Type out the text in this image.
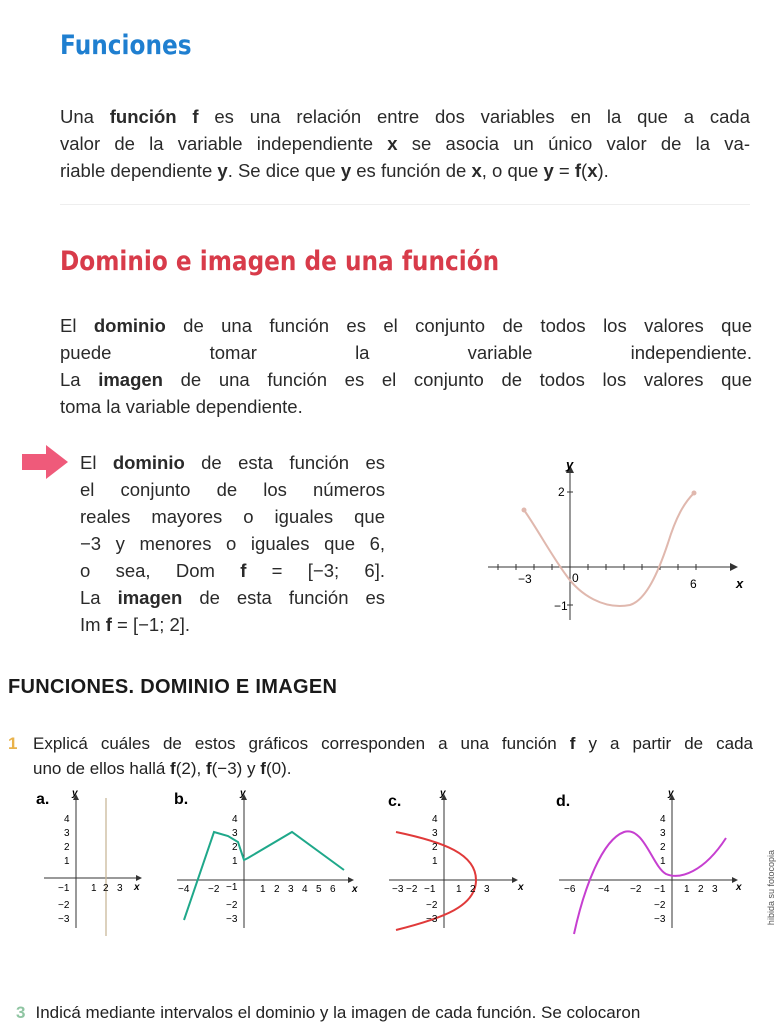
Funciones
Una función f es una relación entre dos variables en la que a cada
valor de la variable independiente x se asocia un único valor de la va-
riable dependiente y. Se dice que y es función de x, o que y = f(x).
Dominio e imagen de una función
El dominio de una función es el conjunto de todos los valores que
puede tomar la variable independiente.
La imagen de una función es el conjunto de todos los valores que
toma la variable dependiente.
El dominio de esta función es
el conjunto de los números
reales mayores o iguales que
−3 y menores o iguales que 6,
o sea, Dom f = [−3; 6].
La imagen de esta función es
Im f = [−1; 2].
−3	0	6
2
−1
x
y
FUNCIONES. DOMINIO E IMAGEN
1 Explicá cuáles de estos gráficos corresponden a una función f y a partir de cada
uno de ellos hallá f(2), f(−3) y f(0).
a. y
x
−1 1 2 3
4
3
2
1
−2
−3
b.	y
x
−4 −2	1 2 3 4 5 6
4
3
2
1
−1
−2
−3
c.	y
x
−3 −2 −1 1 2 3
4
3
2
1
−2
−3
d.	y
x
−6 −4 −2 −1 1 2 3
4
3
2
1
−2
−3	hibida su fotocopia
3 Indicá mediante intervalos el dominio y la imagen de cada función. Se colocaron
